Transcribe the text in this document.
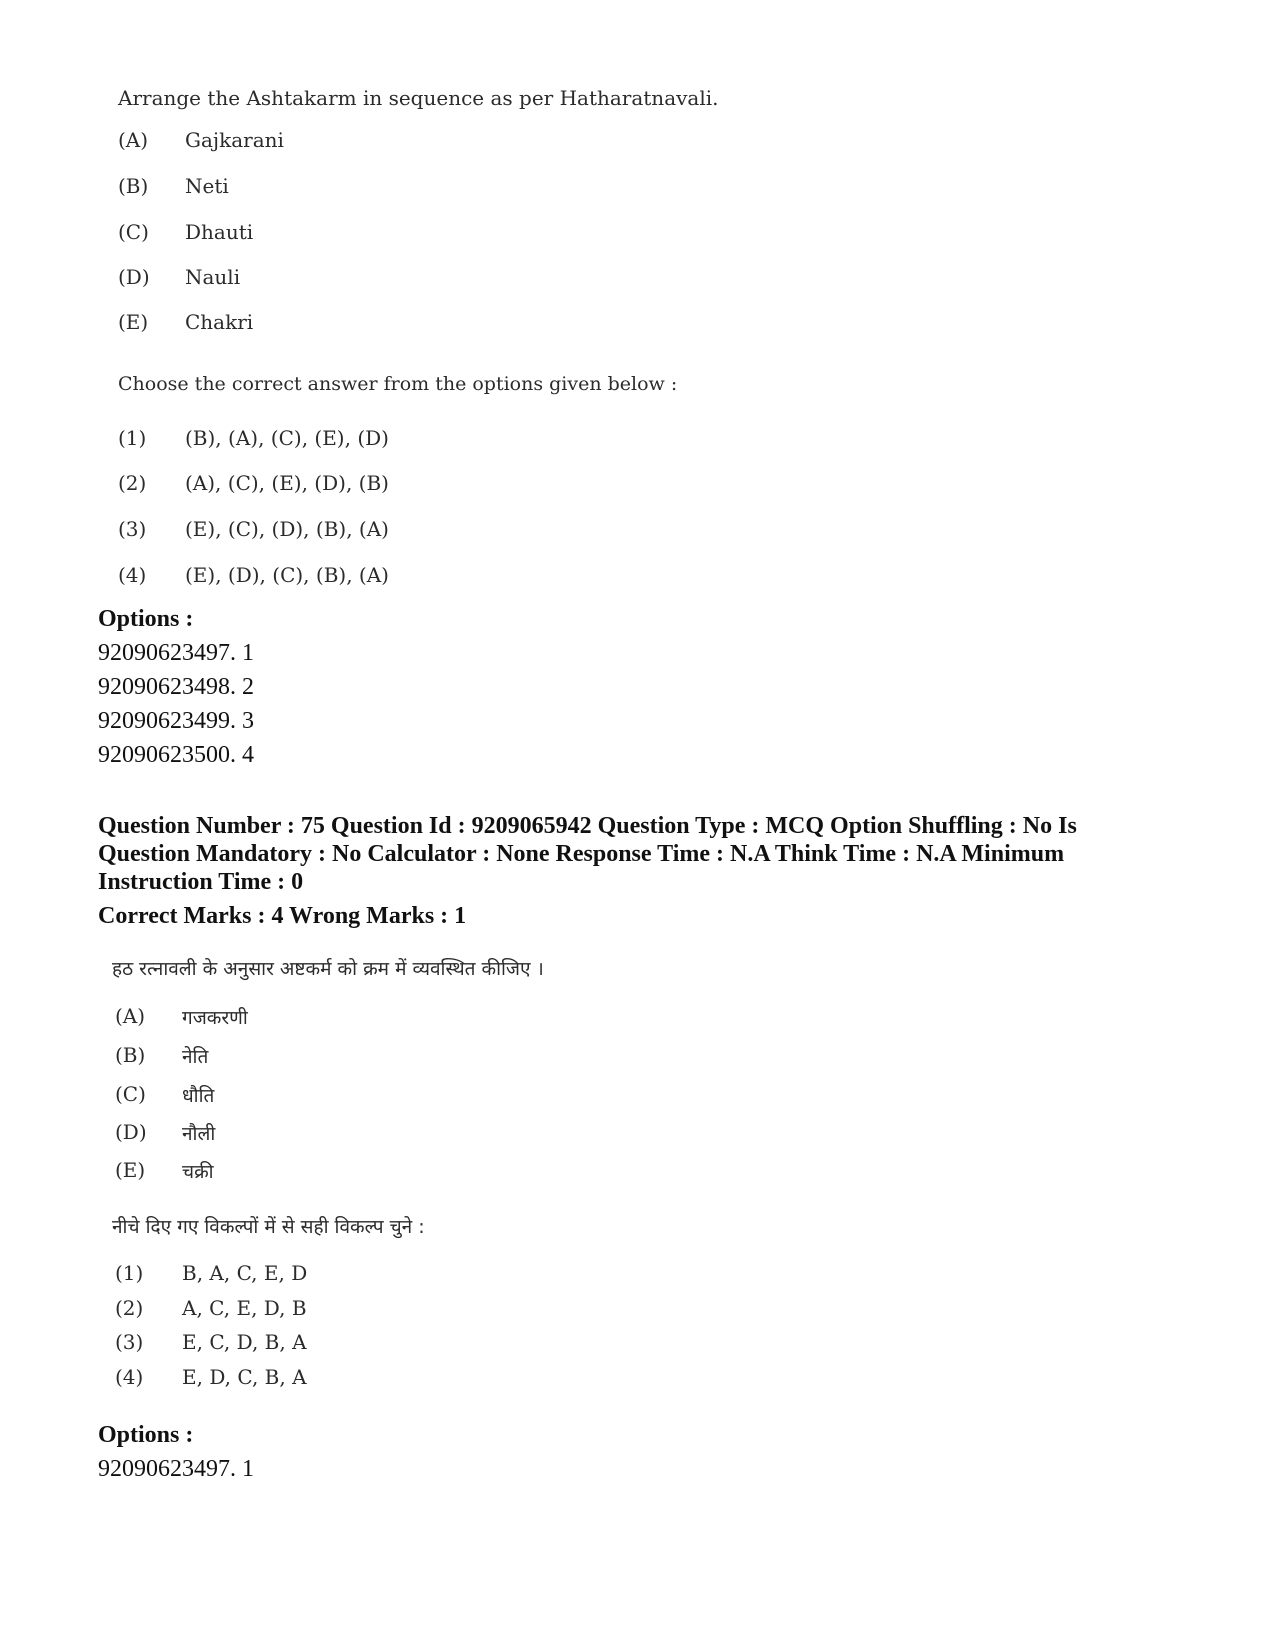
Arrange the Ashtakarm in sequence as per Hatharatnavali.
(A) Gajkarani
(B) Neti
(C) Dhauti
(D) Nauli
(E) Chakri
Choose the correct answer from the options given below :
(1) (B), (A), (C), (E), (D)
(2) (A), (C), (E), (D), (B)
(3) (E), (C), (D), (B), (A)
(4) (E), (D), (C), (B), (A)
Options :
92090623497. 1
92090623498. 2
92090623499. 3
92090623500. 4
Question Number : 75 Question Id : 9209065942 Question Type : MCQ Option Shuffling : No Is
Question Mandatory : No Calculator : None Response Time : N.A Think Time : N.A Minimum
Instruction Time : 0
Correct Marks : 4 Wrong Marks : 1
हठ रत्नावली के अनुसार अष्टकर्म को क्रम में व्यवस्थित कीजिए ।
(A) गजकरणी
(B) नेति
(C) धौति
(D) नौली
(E) चक्री
नीचे दिए गए विकल्पों में से सही विकल्प चुने :
(1) B, A, C, E, D
(2) A, C, E, D, B
(3) E, C, D, B, A
(4) E, D, C, B, A
Options :
92090623497. 1
